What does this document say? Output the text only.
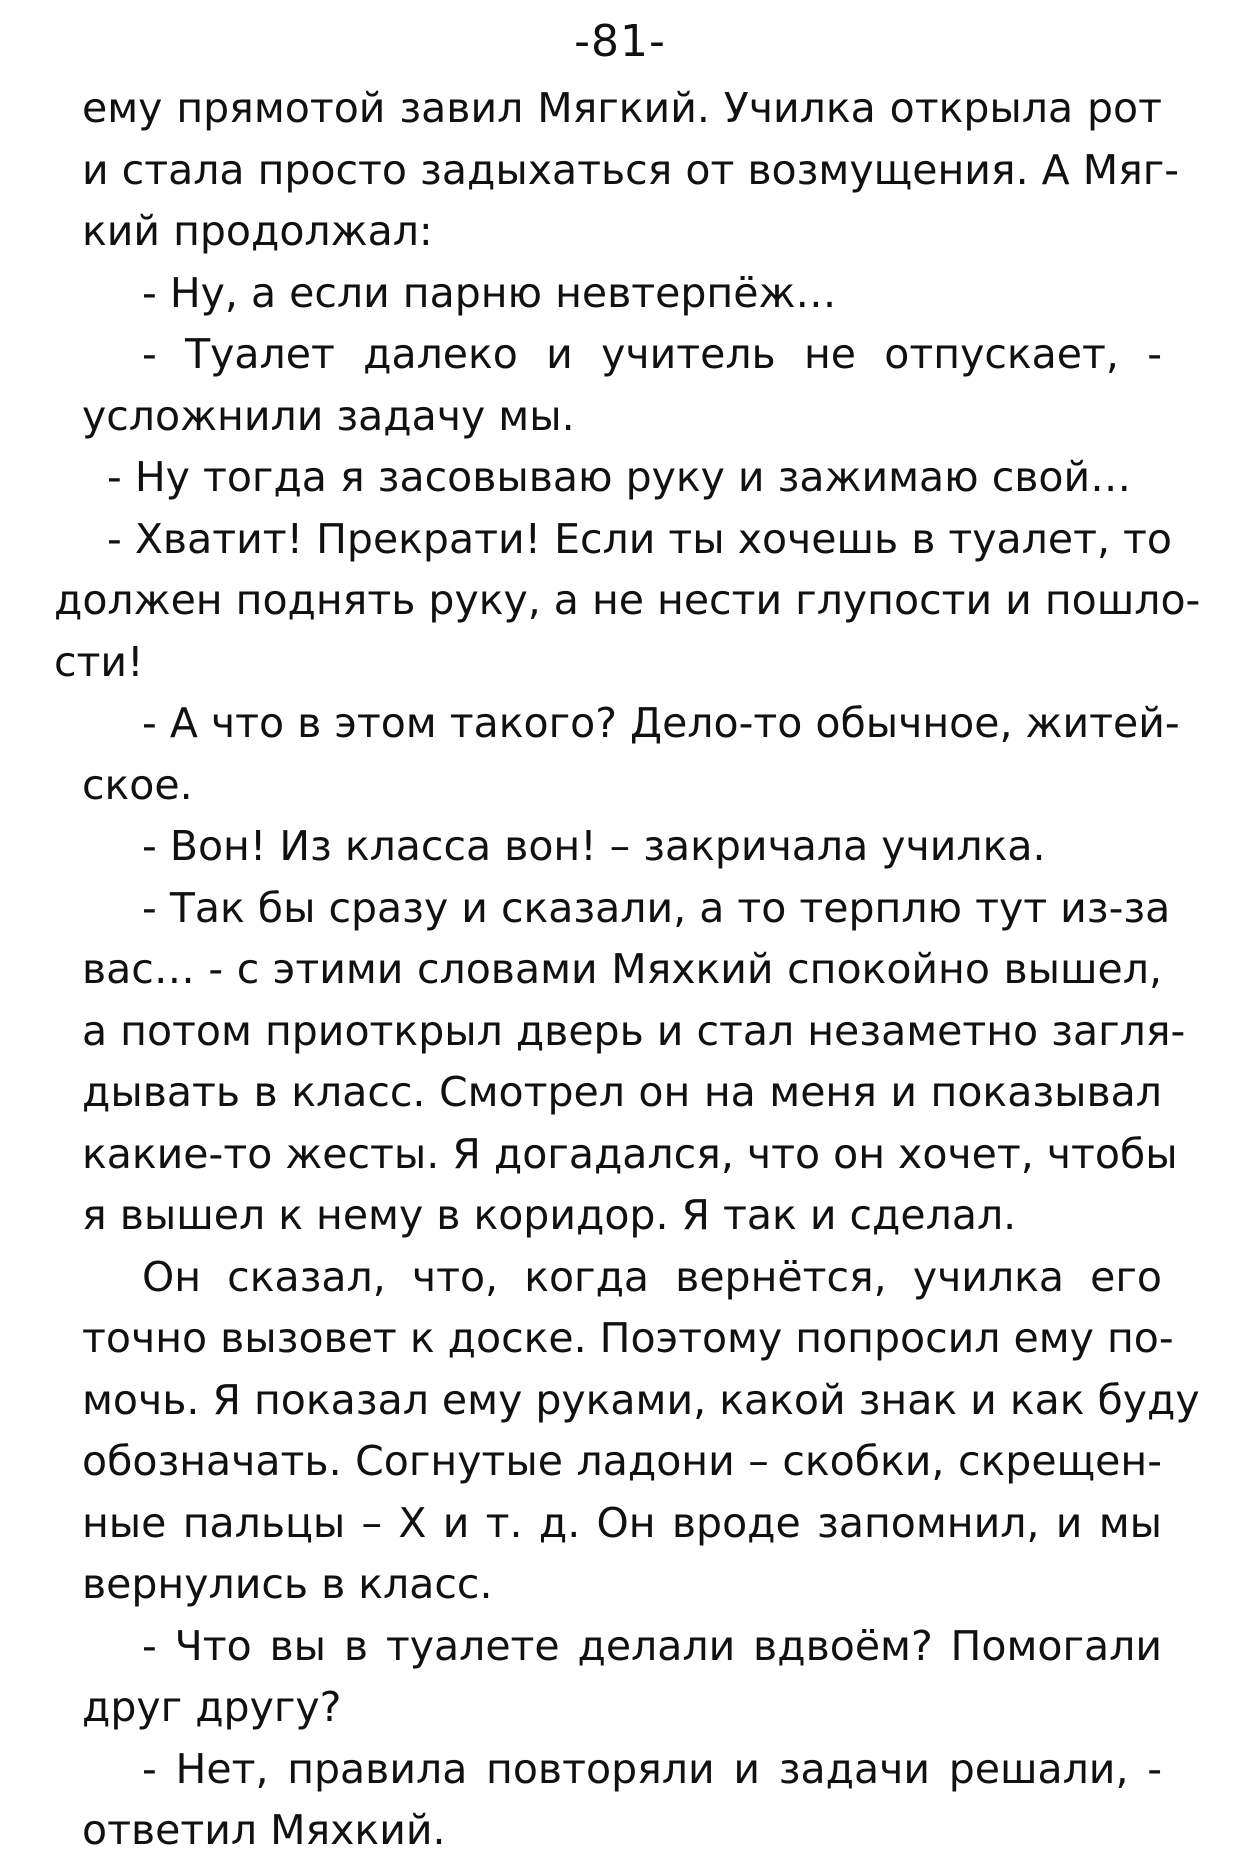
-81-
ему прямотой завил Мягкий. Училка открыла рот
и стала просто задыхаться от возмущения. А Мяг-
кий продолжал:
- Ну, а если парню невтерпёж…
- Туалет далеко и учитель не отпускает, -
усложнили задачу мы.
- Ну тогда я засовываю руку и зажимаю свой…
- Хватит! Прекрати! Если ты хочешь в туалет, то
должен поднять руку, а не нести глупости и пошло-
сти!
- А что в этом такого? Дело-то обычное, житей-
ское.
- Вон! Из класса вон! – закричала училка.
- Так бы сразу и сказали, а то терплю тут из-за
вас… - с этими словами Мяхкий спокойно вышел,
а потом приоткрыл дверь и стал незаметно загля-
дывать в класс. Смотрел он на меня и показывал
какие-то жесты. Я догадался, что он хочет, чтобы
я вышел к нему в коридор. Я так и сделал.
Он сказал, что, когда вернётся, училка его
точно вызовет к доске. Поэтому попросил ему по-
мочь. Я показал ему руками, какой знак и как буду
обозначать. Согнутые ладони – скобки, скрещен-
ные пальцы – Х и т. д. Он вроде запомнил, и мы
вернулись в класс.
- Что вы в туалете делали вдвоём? Помогали
друг другу?
- Нет, правила повторяли и задачи решали, -
ответил Мяхкий.
